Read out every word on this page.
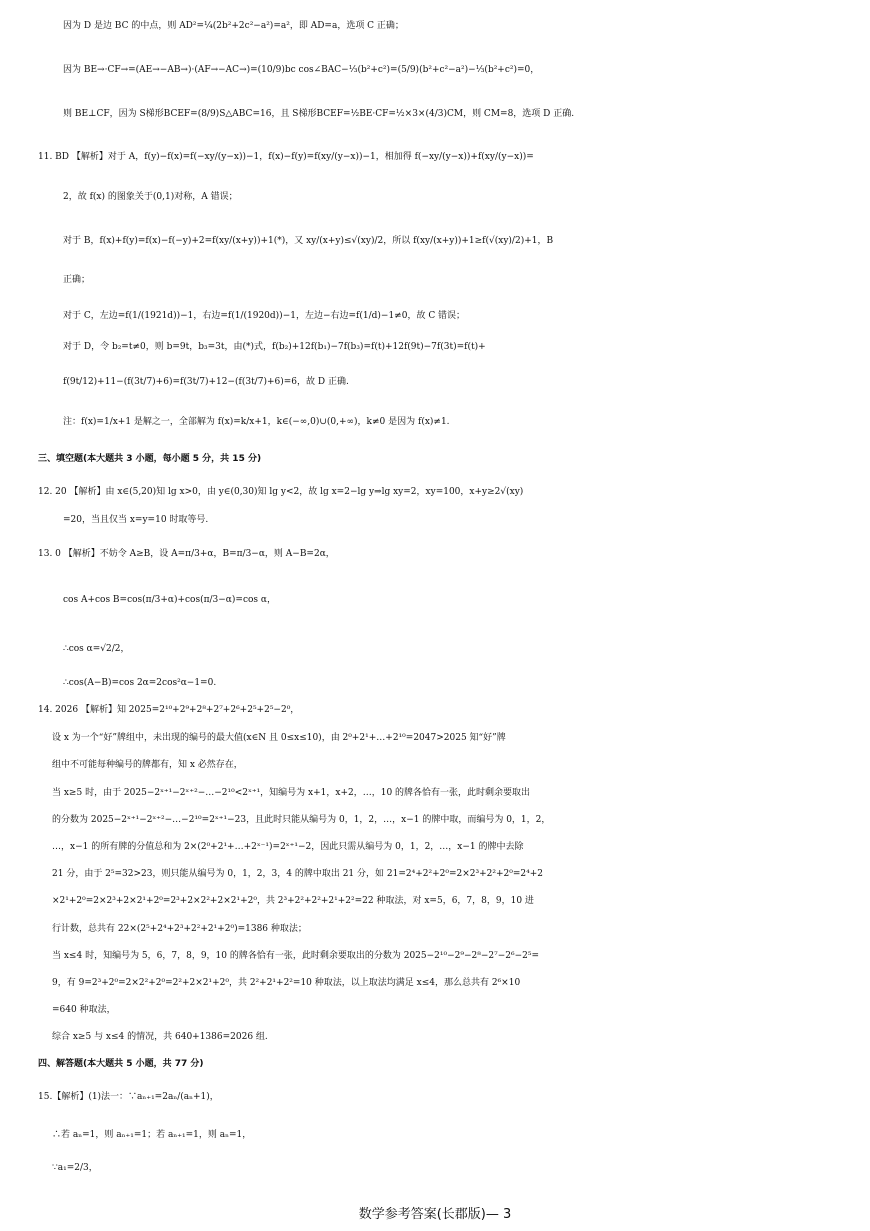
因为 D 是边 BC 的中点，则 AD²=¼(2b²+2c²−a²)=a²，即 AD=a，选项 C 正确；
因为 BE→·CF→=(AE→−AB→)·(AF→−AC→)=(10/9)bc cos∠BAC−⅓(b²+c²)=(5/9)(b²+c²−a²)−⅓(b²+c²)=0，
则 BE⊥CF，因为 S梯形BCEF=(8/9)S△ABC=16，且 S梯形BCEF=½BE·CF=½×3×(4/3)CM，则 CM=8，选项 D 正确.
11. BD 【解析】对于 A，f(y)−f(x)=f(−xy/(y−x))−1，f(x)−f(y)=f(xy/(y−x))−1，相加得 f(−xy/(y−x))+f(xy/(y−x))=
2，故 f(x) 的图象关于(0,1)对称，A 错误；
对于 B，f(x)+f(y)=f(x)−f(−y)+2=f(xy/(x+y))+1(*)，又 xy/(x+y)≤√(xy)/2，所以 f(xy/(x+y))+1≥f(√(xy)/2)+1，B
正确；
对于 C，左边=f(1/(1921d))−1，右边=f(1/(1920d))−1，左边−右边=f(1/d)−1≠0，故 C 错误；
对于 D，令 b₂=t≠0，则 b=9t，b₃=3t，由(*)式，f(b₂)+12f(b₁)−7f(b₃)=f(t)+12f(9t)−7f(3t)=f(t)+
f(9t/12)+11−(f(3t/7)+6)=f(3t/7)+12−(f(3t/7)+6)=6，故 D 正确.
注：f(x)=1/x+1 是解之一，全部解为 f(x)=k/x+1，k∈(−∞,0)∪(0,+∞)，k≠0 是因为 f(x)≠1.
三、填空题(本大题共 3 小题，每小题 5 分，共 15 分)
12. 20 【解析】由 x∈(5,20)知 lg x>0，由 y∈(0,30)知 lg y<2，故 lg x=2−lg y⇒lg xy=2，xy=100，x+y≥2√(xy)
=20，当且仅当 x=y=10 时取等号.
13. 0 【解析】不妨令 A≥B，设 A=π/3+α，B=π/3−α，则 A−B=2α，
cos A+cos B=cos(π/3+α)+cos(π/3−α)=cos α，
∴cos α=√2/2，
∴cos(A−B)=cos 2α=2cos²α−1=0.
14. 2026 【解析】知 2025=2¹⁰+2⁹+2⁸+2⁷+2⁶+2⁵+2⁵−2⁰，
设 x 为一个“好”牌组中，未出现的编号的最大值(x∈N 且 0≤x≤10)，由 2⁰+2¹+…+2¹⁰=2047>2025 知“好”牌
组中不可能每种编号的牌都有，知 x 必然存在，
当 x≥5 时，由于 2025−2ˣ⁺¹−2ˣ⁺²−…−2¹⁰<2ˣ⁺¹，知编号为 x+1，x+2，…，10 的牌各恰有一张，此时剩余要取出
的分数为 2025−2ˣ⁺¹−2ˣ⁺²−…−2¹⁰=2ˣ⁺¹−23，且此时只能从编号为 0，1，2，…，x−1 的牌中取，而编号为 0，1，2，
…，x−1 的所有牌的分值总和为 2×(2⁰+2¹+…+2ˣ⁻¹)=2ˣ⁺¹−2，因此只需从编号为 0，1，2，…，x−1 的牌中去除
21 分，由于 2⁵=32>23，则只能从编号为 0，1，2，3，4 的牌中取出 21 分，如 21=2⁴+2²+2⁰=2×2³+2²+2⁰=2⁴+2
×2¹+2⁰=2×2³+2×2¹+2⁰=2³+2×2²+2×2¹+2⁰，共 2³+2²+2²+2¹+2²=22 种取法，对 x=5，6，7，8，9，10 进
行计数，总共有 22×(2⁵+2⁴+2³+2²+2¹+2⁰)=1386 种取法；
当 x≤4 时，知编号为 5，6，7，8，9，10 的牌各恰有一张，此时剩余要取出的分数为 2025−2¹⁰−2⁹−2⁸−2⁷−2⁶−2⁵=
9，有 9=2³+2⁰=2×2²+2⁰=2²+2×2¹+2⁰，共 2²+2¹+2²=10 种取法，以上取法均满足 x≤4，那么总共有 2⁶×10
=640 种取法，
综合 x≥5 与 x≤4 的情况，共 640+1386=2026 组.
四、解答题(本大题共 5 小题，共 77 分)
15.【解析】(1)法一：∵aₙ₊₁=2aₙ/(aₙ+1)，
∴若 aₙ=1，则 aₙ₊₁=1；若 aₙ₊₁=1，则 aₙ=1，
∵a₁=2/3，
数学参考答案(长郡版)— 3
